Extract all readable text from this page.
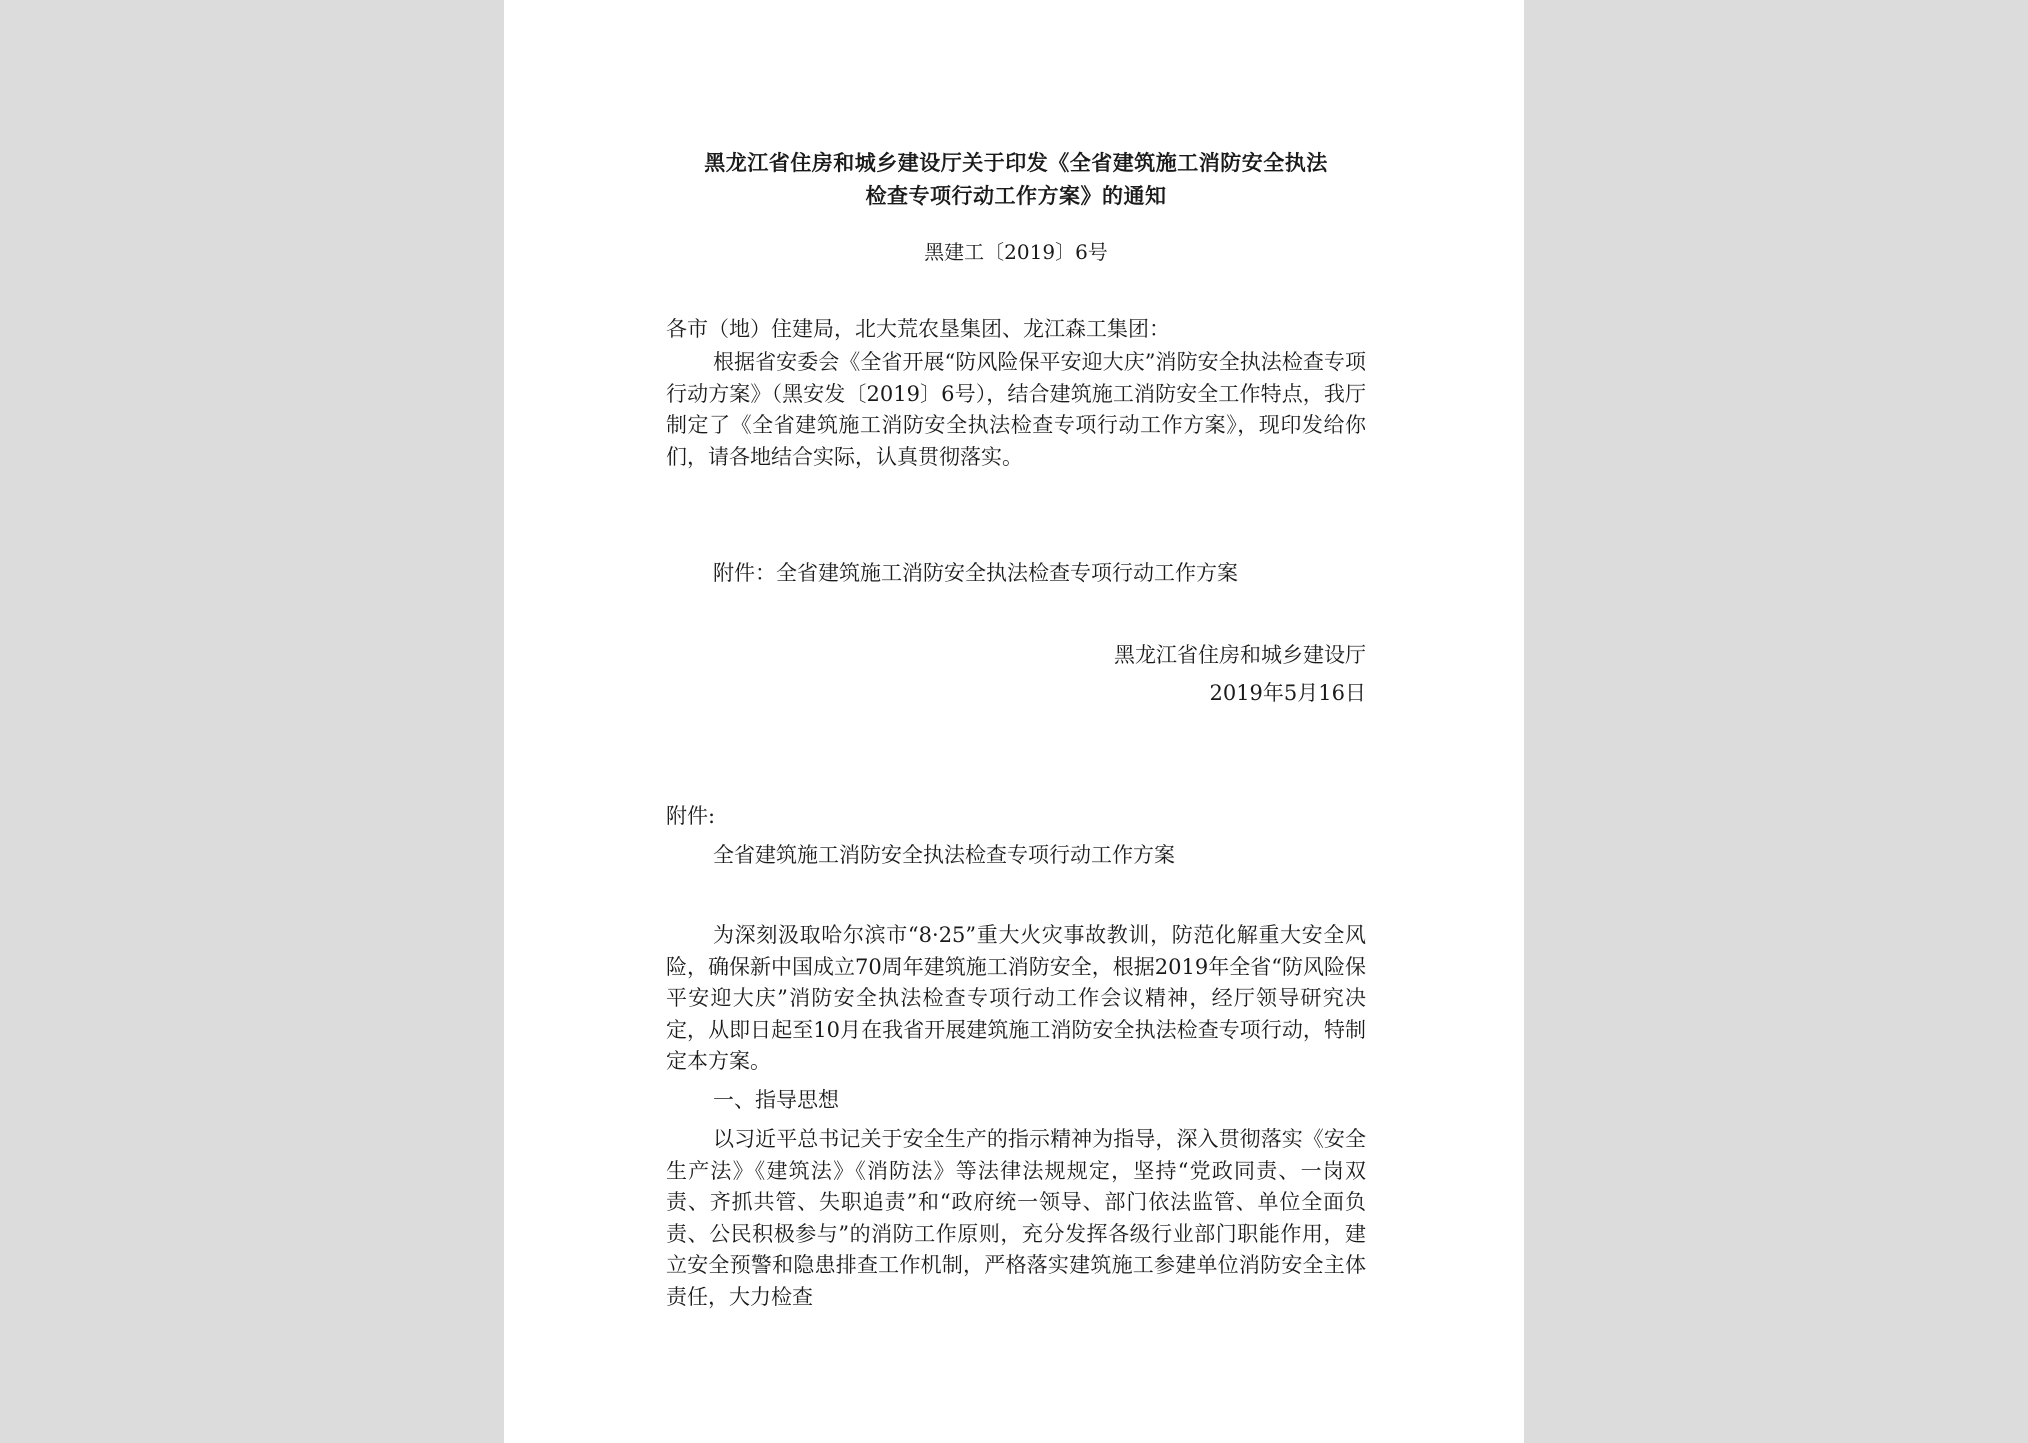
黑龙江省住房和城乡建设厅关于印发《全省建筑施工消防安全执法
检查专项行动工作方案》的通知
黑建工〔2019〕6号
各市（地）住建局，北大荒农垦集团、龙江森工集团：

根据省安委会《全省开展“防风险保平安迎大庆”消防安全执法检查专项行动方案》（黑安发〔2019〕6号），结合建筑施工消防安全工作特点，我厅制定了《全省建筑施工消防安全执法检查专项行动工作方案》，现印发给你们，请各地结合实际，认真贯彻落实。

附件：全省建筑施工消防安全执法检查专项行动工作方案
黑龙江省住房和城乡建设厅
2019年5月16日
附件:
全省建筑施工消防安全执法检查专项行动工作方案

为深刻汲取哈尔滨市“8·25”重大火灾事故教训，防范化解重大安全风险，确保新中国成立70周年建筑施工消防安全，根据2019年全省“防风险保平安迎大庆”消防安全执法检查专项行动工作会议精神，经厅领导研究决定，从即日起至10月在我省开展建筑施工消防安全执法检查专项行动，特制定本方案。

一、指导思想

以习近平总书记关于安全生产的指示精神为指导，深入贯彻落实《安全生产法》《建筑法》《消防法》等法律法规规定，坚持“党政同责、一岗双责、齐抓共管、失职追责”和“政府统一领导、部门依法监管、单位全面负责、公民积极参与”的消防工作原则，充分发挥各级行业部门职能作用，建立安全预警和隐患排查工作机制，严格落实建筑施工参建单位消防安全主体责任，大力检查
